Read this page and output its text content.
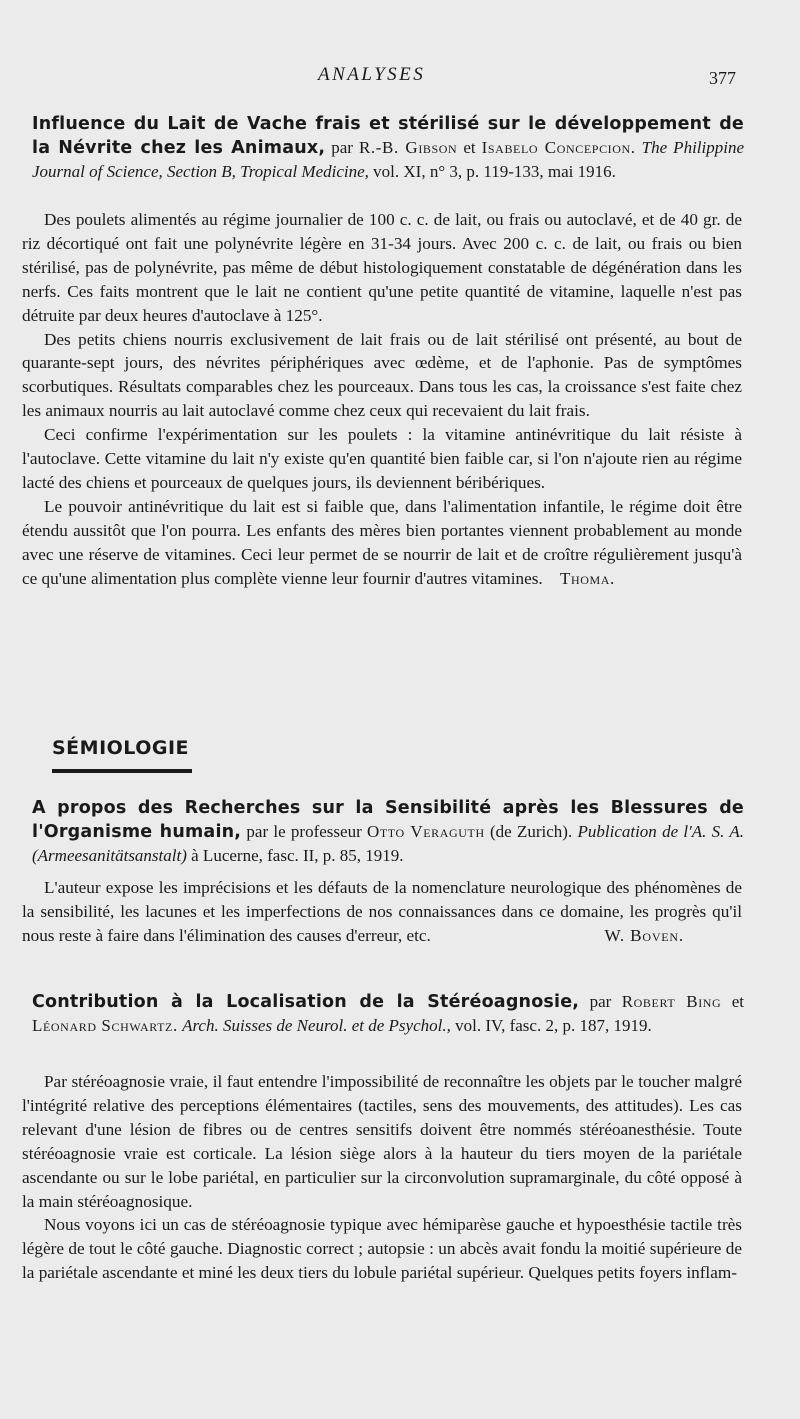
ANALYSES	377
Influence du Lait de Vache frais et stérilisé sur le développement de la Névrite chez les Animaux, par R.-B. Gibson et Isabelo Concepcion. The Philippine Journal of Science, Section B, Tropical Medicine, vol. XI, n° 3, p. 119-133, mai 1916.

Des poulets alimentés au régime journalier de 100 c. c. de lait, ou frais ou autoclavé, et de 40 gr. de riz décortiqué ont fait une polynévrite légère en 31-34 jours. Avec 200 c. c. de lait, ou frais ou bien stérilisé, pas de polynévrite, pas même de début histologiquement constatable de dégénération dans les nerfs. Ces faits montrent que le lait ne contient qu'une petite quantité de vitamine, laquelle n'est pas détruite par deux heures d'autoclave à 125°.

Des petits chiens nourris exclusivement de lait frais ou de lait stérilisé ont présenté, au bout de quarante-sept jours, des névrites périphériques avec œdème, et de l'aphonie. Pas de symptômes scorbutiques. Résultats comparables chez les pourceaux. Dans tous les cas, la croissance s'est faite chez les animaux nourris au lait autoclavé comme chez ceux qui recevaient du lait frais.

Ceci confirme l'expérimentation sur les poulets : la vitamine antinévritique du lait résiste à l'autoclave. Cette vitamine du lait n'y existe qu'en quantité bien faible car, si l'on n'ajoute rien au régime lacté des chiens et pourceaux de quelques jours, ils deviennent béribériques.

Le pouvoir antinévritique du lait est si faible que, dans l'alimentation infantile, le régime doit être étendu aussitôt que l'on pourra. Les enfants des mères bien portantes viennent probablement au monde avec une réserve de vitamines. Ceci leur permet de se nourrir de lait et de croître régulièrement jusqu'à ce qu'une alimentation plus complète vienne leur fournir d'autres vitamines. Thoma.

SÉMIOLOGIE
A propos des Recherches sur la Sensibilité après les Blessures de l'Organisme humain, par le professeur Otto Veraguth (de Zurich). Publication de l'A. S. A. (Armeesanitätsanstalt) à Lucerne, fasc. II, p. 85, 1919.

L'auteur expose les imprécisions et les défauts de la nomenclature neurologique des phénomènes de la sensibilité, les lacunes et les imperfections de nos connaissances dans ce domaine, les progrès qu'il nous reste à faire dans l'élimination des causes d'erreur, etc.	W. Boven.

Contribution à la Localisation de la Stéréoagnosie, par Robert Bing et Léonard Schwartz. Arch. Suisses de Neurol. et de Psychol., vol. IV, fasc. 2, p. 187, 1919.

Par stéréoagnosie vraie, il faut entendre l'impossibilité de reconnaître les objets par le toucher malgré l'intégrité relative des perceptions élémentaires (tactiles, sens des mouvements, des attitudes). Les cas relevant d'une lésion de fibres ou de centres sensitifs doivent être nommés stéréoanesthésie. Toute stéréoagnosie vraie est corticale. La lésion siège alors à la hauteur du tiers moyen de la pariétale ascendante ou sur le lobe pariétal, en particulier sur la circonvolution supramarginale, du côté opposé à la main stéréoagnosique.

Nous voyons ici un cas de stéréoagnosie typique avec hémiparèse gauche et hypoesthésie tactile très légère de tout le côté gauche. Diagnostic correct ; autopsie : un abcès avait fondu la moitié supérieure de la pariétale ascendante et miné les deux tiers du lobule pariétal supérieur. Quelques petits foyers inflam-
